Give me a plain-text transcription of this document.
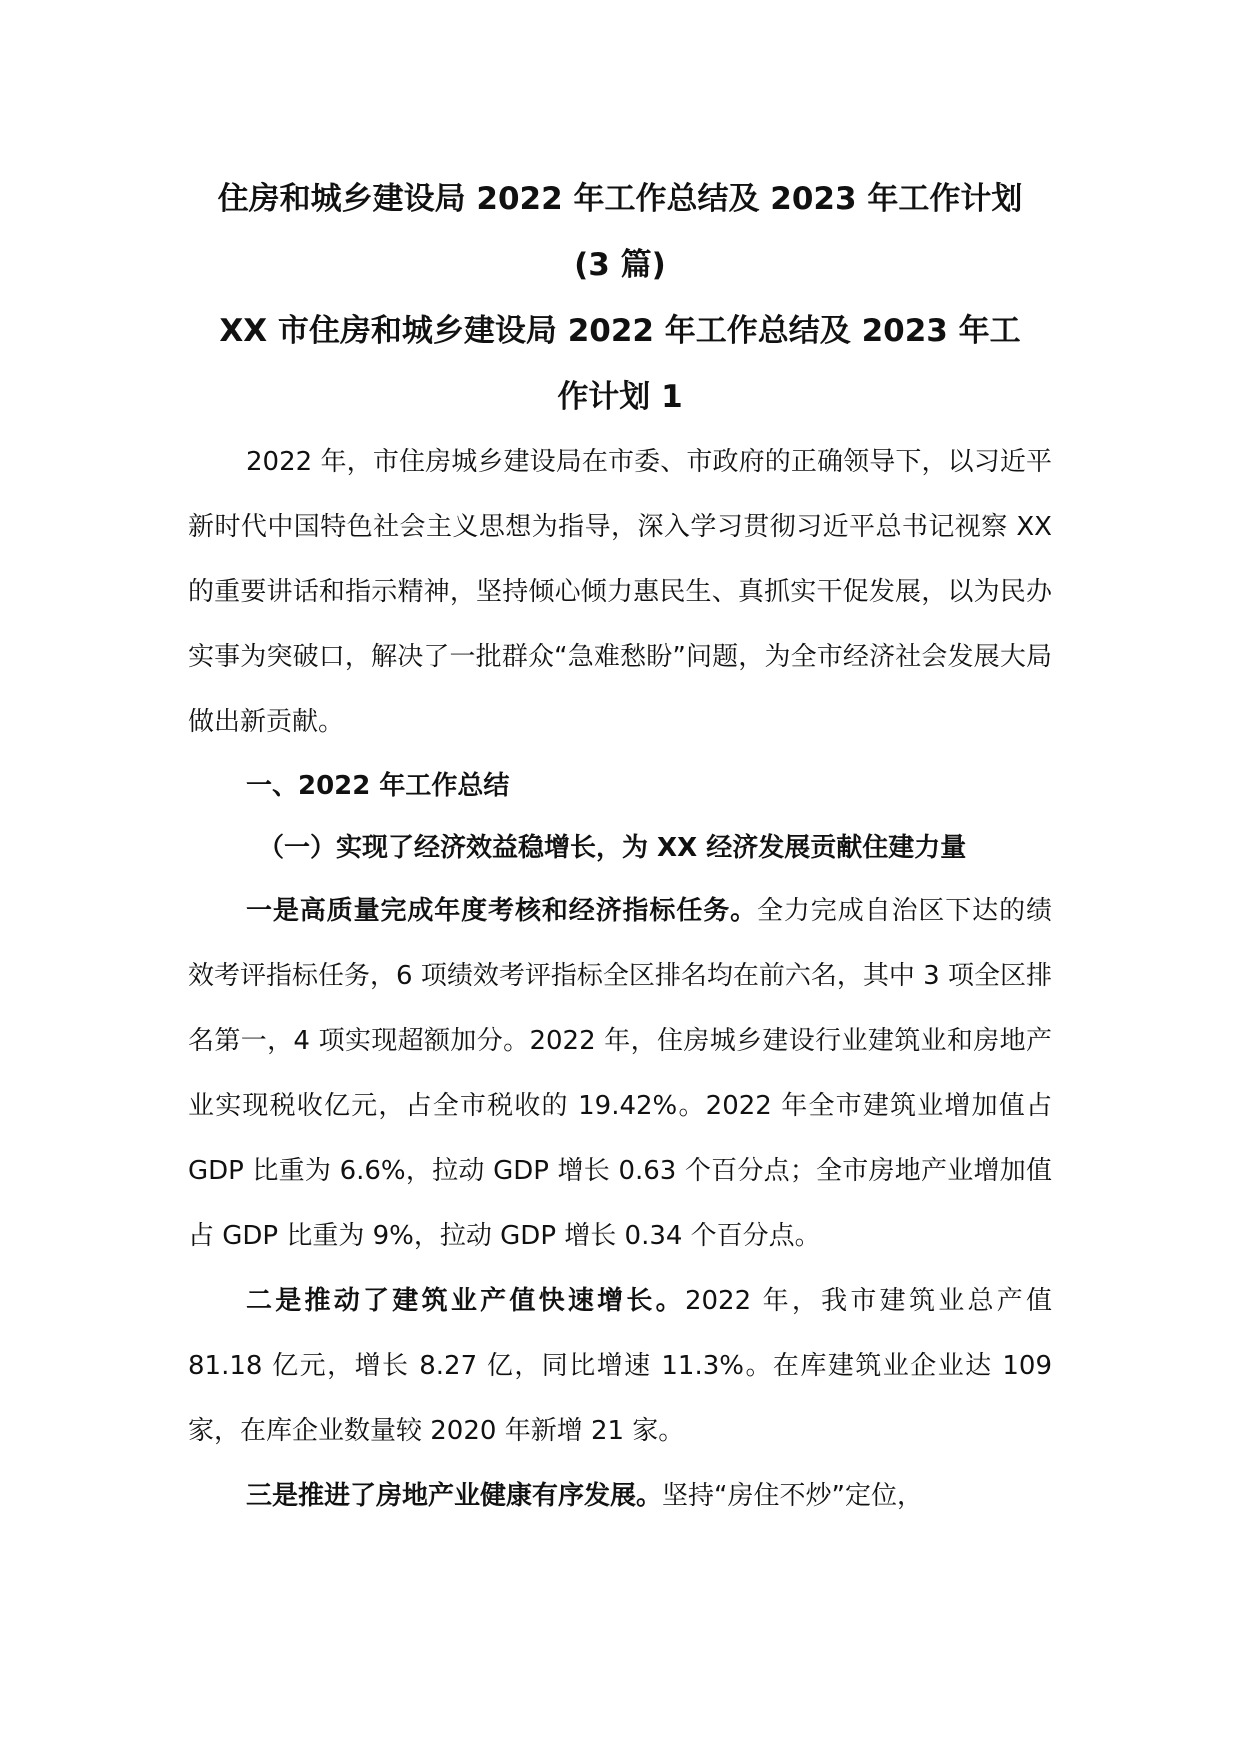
住房和城乡建设局 2022 年工作总结及 2023 年工作计划

(3 篇)

XX 市住房和城乡建设局 2022 年工作总结及 2023 年工

作计划 1

2022 年，市住房城乡建设局在市委、市政府的正确领导下，以习近平新时代中国特色社会主义思想为指导，深入学习贯彻习近平总书记视察 XX 的重要讲话和指示精神，坚持倾心倾力惠民生、真抓实干促发展，以为民办实事为突破口，解决了一批群众“急难愁盼”问题，为全市经济社会发展大局做出新贡献。

一、2022 年工作总结

（一）实现了经济效益稳增长，为 XX 经济发展贡献住建力量

一是高质量完成年度考核和经济指标任务。全力完成自治区下达的绩效考评指标任务，6 项绩效考评指标全区排名均在前六名，其中 3 项全区排名第一，4 项实现超额加分。2022 年，住房城乡建设行业建筑业和房地产业实现税收亿元，占全市税收的 19.42%。2022 年全市建筑业增加值占 GDP 比重为 6.6%，拉动 GDP 增长 0.63 个百分点；全市房地产业增加值占 GDP 比重为 9%，拉动 GDP 增长 0.34 个百分点。

二是推动了建筑业产值快速增长。2022 年，我市建筑业总产值 81.18 亿元，增长 8.27 亿，同比增速 11.3%。在库建筑业企业达 109 家，在库企业数量较 2020 年新增 21 家。

三是推进了房地产业健康有序发展。坚持“房住不炒”定位，
